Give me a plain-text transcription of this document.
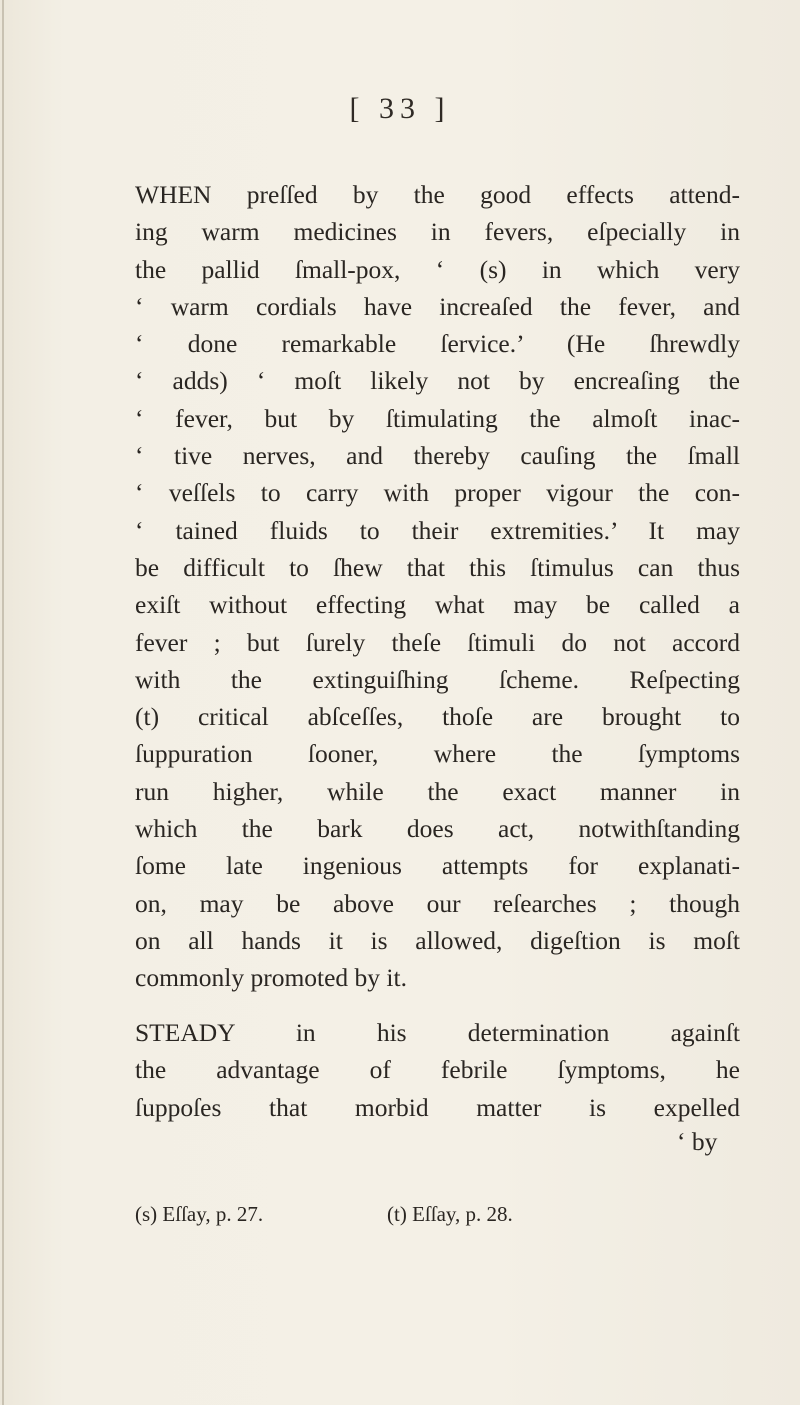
[ 33 ]
WHEN preſſed by the good effects attend-
ing warm medicines in fevers, eſpecially in
the pallid ſmall-pox, ‘ (s) in which very
‘ warm cordials have increaſed the fever, and
‘ done remarkable ſervice.’ (He ſhrewdly
‘ adds) ‘ moſt likely not by encreaſing the
‘ fever, but by ſtimulating the almoſt inac-
‘ tive nerves, and thereby cauſing the ſmall
‘ veſſels to carry with proper vigour the con-
‘ tained fluids to their extremities.’ It may
be difficult to ſhew that this ſtimulus can thus
exiſt without effecting what may be called a
fever ; but ſurely theſe ſtimuli do not accord
with the extinguiſhing ſcheme. Reſpecting
(t) critical abſceſſes, thoſe are brought to
ſuppuration ſooner, where the ſymptoms
run higher, while the exact manner in
which the bark does act, notwithſtanding
ſome late ingenious attempts for explanati-
on, may be above our reſearches ; though
on all hands it is allowed, digeſtion is moſt
commonly promoted by it.
STEADY in his determination againſt
the advantage of febrile ſymptoms, he
ſuppoſes that morbid matter is expelled
‘ by
(s) Eſſay, p. 27.	(t) Eſſay, p. 28.
